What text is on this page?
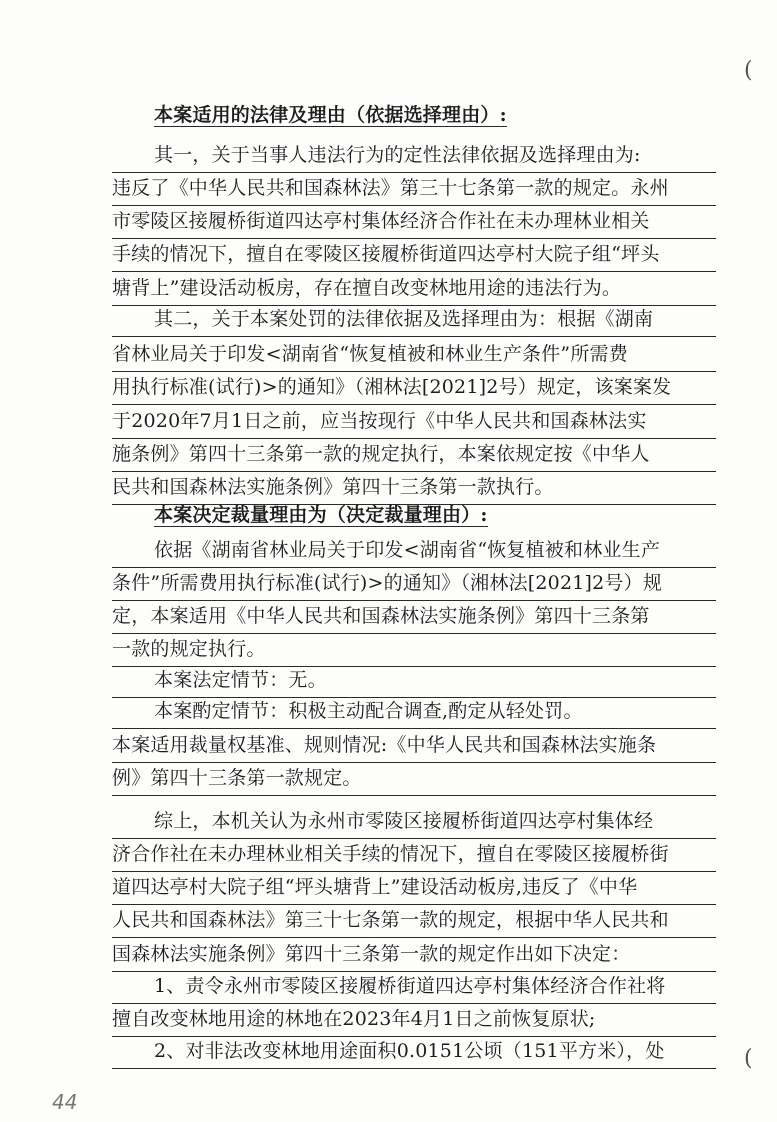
本案适用的法律及理由（依据选择理由）:
其一，关于当事人违法行为的定性法律依据及选择理由为:
违反了《中华人民共和国森林法》第三十七条第一款的规定。永州
市零陵区接履桥街道四达亭村集体经济合作社在未办理林业相关
手续的情况下，擅自在零陵区接履桥街道四达亭村大院子组“坪头
塘背上”建设活动板房，存在擅自改变林地用途的违法行为。
其二，关于本案处罚的法律依据及选择理由为：根据《湖南
省林业局关于印发<湖南省“恢复植被和林业生产条件”所需费
用执行标准(试行)>的通知》（湘林法[2021]2号）规定，该案案发
于2020年7月1日之前，应当按现行《中华人民共和国森林法实
施条例》第四十三条第一款的规定执行，本案依规定按《中华人
民共和国森林法实施条例》第四十三条第一款执行。
本案决定裁量理由为（决定裁量理由）:
依据《湖南省林业局关于印发<湖南省“恢复植被和林业生产
条件”所需费用执行标准(试行)>的通知》（湘林法[2021]2号）规
定，本案适用《中华人民共和国森林法实施条例》第四十三条第
一款的规定执行。
本案法定情节：无。
本案酌定情节：积极主动配合调查,酌定从轻处罚。
本案适用裁量权基准、规则情况:《中华人民共和国森林法实施条
例》第四十三条第一款规定。
综上，本机关认为永州市零陵区接履桥街道四达亭村集体经
济合作社在未办理林业相关手续的情况下，擅自在零陵区接履桥街
道四达亭村大院子组“坪头塘背上”建设活动板房,违反了《中华
人民共和国森林法》第三十七条第一款的规定，根据中华人民共和
国森林法实施条例》第四十三条第一款的规定作出如下决定：
1、责令永州市零陵区接履桥街道四达亭村集体经济合作社将
擅自改变林地用途的林地在2023年4月1日之前恢复原状;
2、对非法改变林地用途面积0.0151公顷（151平方米），处
(
(
44
